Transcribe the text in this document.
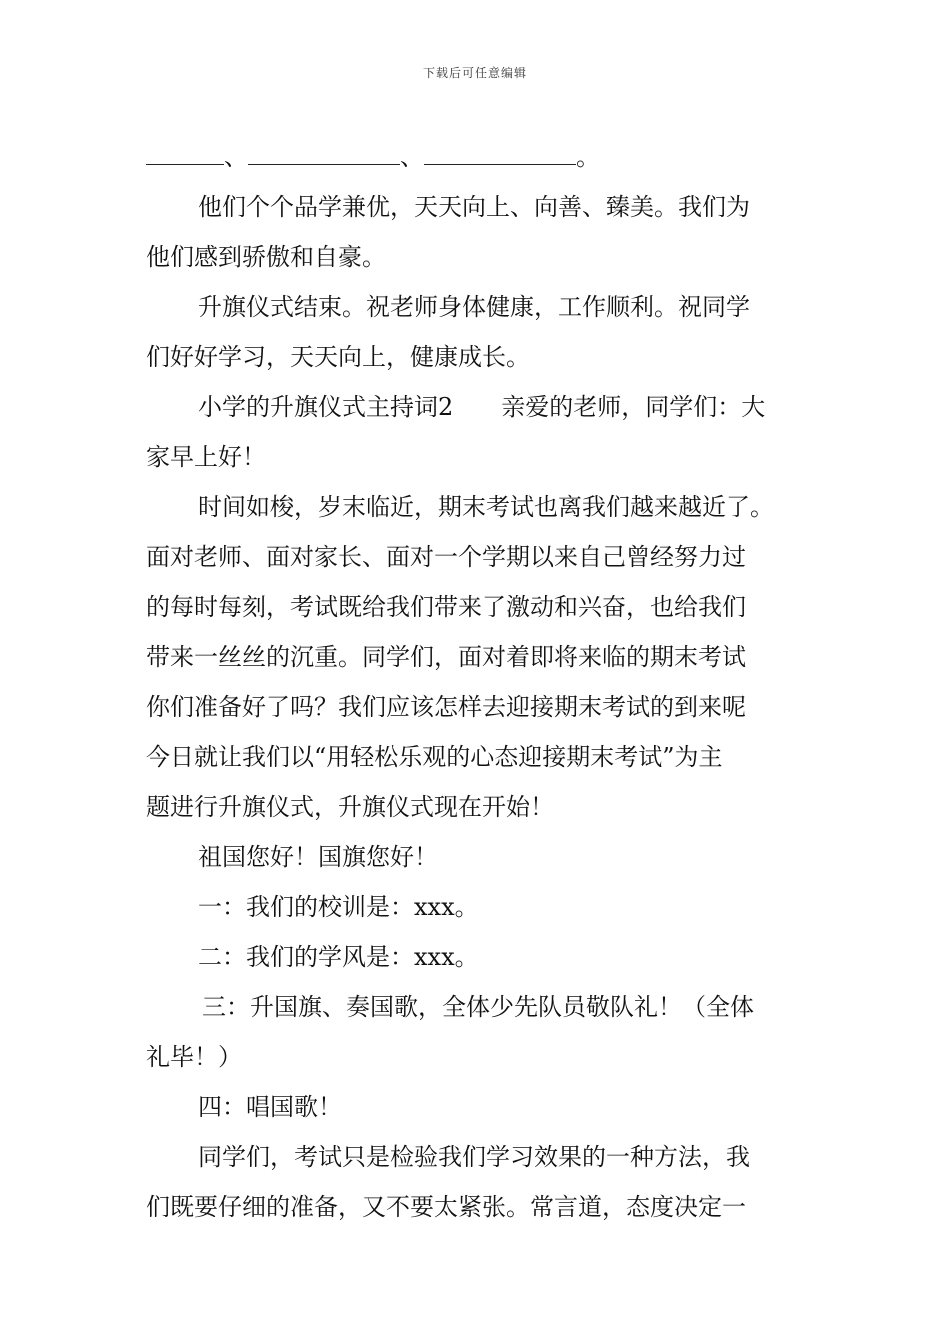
下载后可任意编辑
、	、	。
他们个个品学兼优，天天向上、向善、臻美。我们为
他们感到骄傲和自豪。
升旗仪式结束。祝老师身体健康，工作顺利。祝同学
们好好学习，天天向上，健康成长。
小学的升旗仪式主持词2　　亲爱的老师，同学们：大
家早上好！
时间如梭，岁末临近，期末考试也离我们越来越近了。
面对老师、面对家长、面对一个学期以来自己曾经努力过
的每时每刻，考试既给我们带来了激动和兴奋，也给我们
带来一丝丝的沉重。同学们，面对着即将来临的期末考试
你们准备好了吗？我们应该怎样去迎接期末考试的到来呢
今日就让我们以“用轻松乐观的心态迎接期末考试”为主
题进行升旗仪式，升旗仪式现在开始！
祖国您好！国旗您好！
一：我们的校训是：xxx。
二：我们的学风是：xxx。
三：升国旗、奏国歌，全体少先队员敬队礼！（全体
礼毕！）
四：唱国歌！
同学们，考试只是检验我们学习效果的一种方法，我
们既要仔细的准备，又不要太紧张。常言道，态度决定一
